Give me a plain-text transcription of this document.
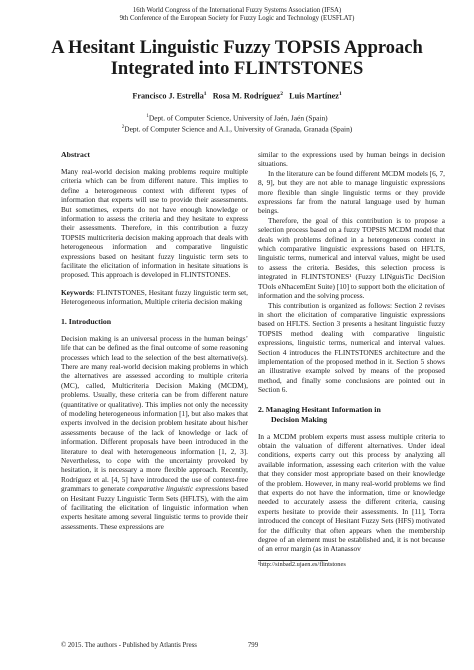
16th World Congress of the International Fuzzy Systems Association (IFSA)
9th Conference of the European Society for Fuzzy Logic and Technology (EUSFLAT)
A Hesitant Linguistic Fuzzy TOPSIS Approach
Integrated into FLINTSTONES
Francisco J. Estrella$^1$ Rosa M. Rodríguez$^2$ Luis Martínez$^1$
$^1$Dept. of Computer Science, University of Jaén, Jaén (Spain)
$^2$Dept. of Computer Science and A.I., University of Granada, Granada (Spain)
Abstract

Many real-world decision making problems require multiple criteria which can be from different nature. This implies to define a heterogeneous context with different types of information that experts will use to provide their assessments. But sometimes, experts do not have enough knowledge or information to assess the criteria and they hesitate to express their assessments. Therefore, in this contribution a fuzzy TOPSIS multicriteria decision making approach that deals with heterogeneous information and comparative linguistic expressions based on hesitant fuzzy linguistic term sets to facilitate the elicitation of information in hesitate situations is proposed. This approach is developed in FLINTSTONES.

Keywords: FLINTSTONES, Hesitant fuzzy linguistic term set, Heterogeneous information, Multiple criteria decision making

1. Introduction

Decision making is an universal process in the human beings’ life that can be defined as the final outcome of some reasoning processes which lead to the selection of the best alternative(s). There are many real-world decision making problems in which the alternatives are assessed according to multiple criteria (MC), called, Multicriteria Decision Making (MCDM), problems. Usually, these criteria can be from different nature (quantitative or qualitative). This implies not only the necessity of modeling heterogeneous information [1], but also makes that experts involved in the decision problem hesitate about his/her assessments because of the lack of knowledge or lack of information. Different proposals have been introduced in the literature to deal with heterogeneous information [1, 2, 3]. Nevertheless, to cope with the uncertainty provoked by hesitation, it is necessary a more flexible approach. Recently, Rodríguez et al. [4, 5] have introduced the use of context-free grammars to generate comparative linguistic expressions based on Hesitant Fuzzy Linguistic Term Sets (HFLTS), with the aim of facilitating the elicitation of linguistic information when experts hesitate among several linguistic terms to provide their assessments. These expressions are

similar to the expressions used by human beings in decision situations.

In the literature can be found different MCDM models [6, 7, 8, 9], but they are not able to manage linguistic expressions more flexible than single linguistic terms or they provide expressions far from the natural language used by human beings.

Therefore, the goal of this contribution is to propose a selection process based on a fuzzy TOPSIS MCDM model that deals with problems defined in a heterogeneous context in which comparative linguistic expressions based on HFLTS, linguistic terms, numerical and interval values, might be used to assess the criteria. Besides, this selection process is integrated in FLINTSTONES¹ (Fuzzy LINguisTic DeciSion TOols eNhacemEnt Suite) [10] to support both the elicitation of information and the solving process.

This contribution is organized as follows: Section 2 revises in short the elicitation of comparative linguistic expressions based on HFLTS. Section 3 presents a hesitant linguistic fuzzy TOPSIS method dealing with comparative linguistic expressions, linguistic terms, numerical and interval values. Section 4 introduces the FLINTSTONES architecture and the implementation of the proposed method in it. Section 5 shows an illustrative example solved by means of the proposed method, and finally some conclusions are pointed out in Section 6.

2. Managing Hesitant Information in
Decision Making

In a MCDM problem experts must assess multiple criteria to obtain the valuation of different alternatives. Under ideal conditions, experts carry out this process by analyzing all available information, assessing each criterion with the value that they consider most appropriate based on their knowledge of the problem. However, in many real-world problems we find that experts do not have the information, time or knowledge needed to accurately assess the different criteria, causing experts hesitate to provide their assessments. In [11], Torra introduced the concept of Hesitant Fuzzy Sets (HFS) motivated for the difficulty that often appears when the membership degree of an element must be established and, it is not because of an error margin (as in Atanassov

¹http://sinbad2.ujaen.es/flintstones

© 2015. The authors - Published by Atlantis Press	799
